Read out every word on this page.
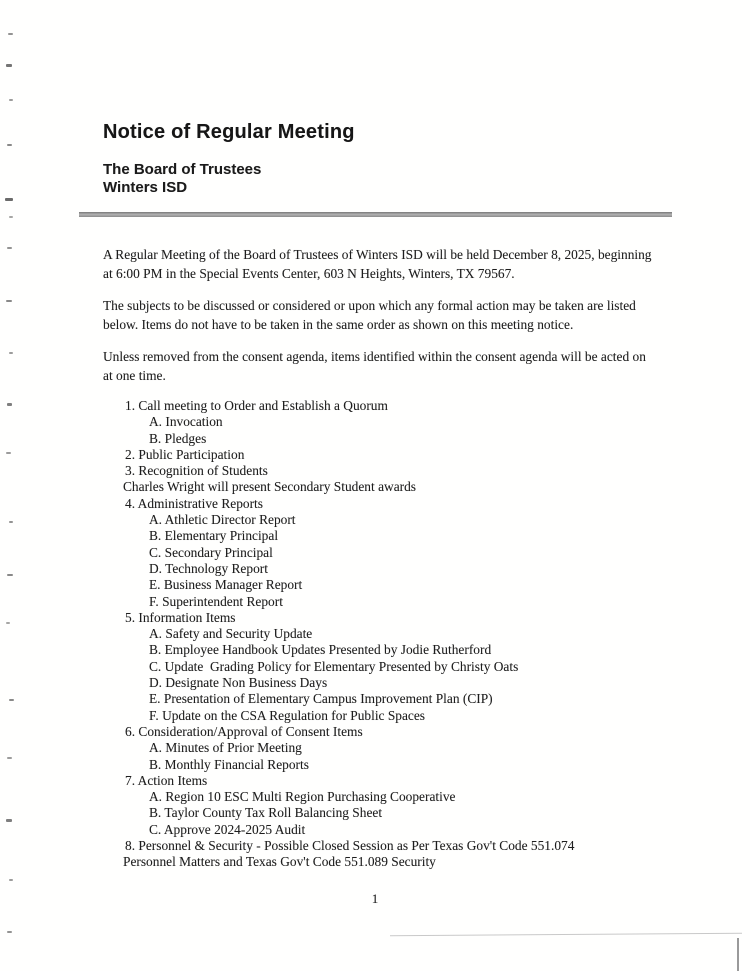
Notice of Regular Meeting
The Board of Trustees
Winters ISD

A Regular Meeting of the Board of Trustees of Winters ISD will be held December 8, 2025, beginning at 6:00 PM in the Special Events Center, 603 N Heights, Winters, TX 79567.

The subjects to be discussed or considered or upon which any formal action may be taken are listed below. Items do not have to be taken in the same order as shown on this meeting notice.

Unless removed from the consent agenda, items identified within the consent agenda will be acted on at one time.

1. Call meeting to Order and Establish a Quorum
A. Invocation
B. Pledges
2. Public Participation
3. Recognition of Students
Charles Wright will present Secondary Student awards
4. Administrative Reports
A. Athletic Director Report
B. Elementary Principal
C. Secondary Principal
D. Technology Report
E. Business Manager Report
F. Superintendent Report
5. Information Items
A. Safety and Security Update
B. Employee Handbook Updates Presented by Jodie Rutherford
C. Update  Grading Policy for Elementary Presented by Christy Oats
D. Designate Non Business Days
E. Presentation of Elementary Campus Improvement Plan (CIP)
F. Update on the CSA Regulation for Public Spaces
6. Consideration/Approval of Consent Items
A. Minutes of Prior Meeting
B. Monthly Financial Reports
7. Action Items
A. Region 10 ESC Multi Region Purchasing Cooperative
B. Taylor County Tax Roll Balancing Sheet
C. Approve 2024-2025 Audit
8. Personnel & Security - Possible Closed Session as Per Texas Gov't Code 551.074
Personnel Matters and Texas Gov't Code 551.089 Security
1
